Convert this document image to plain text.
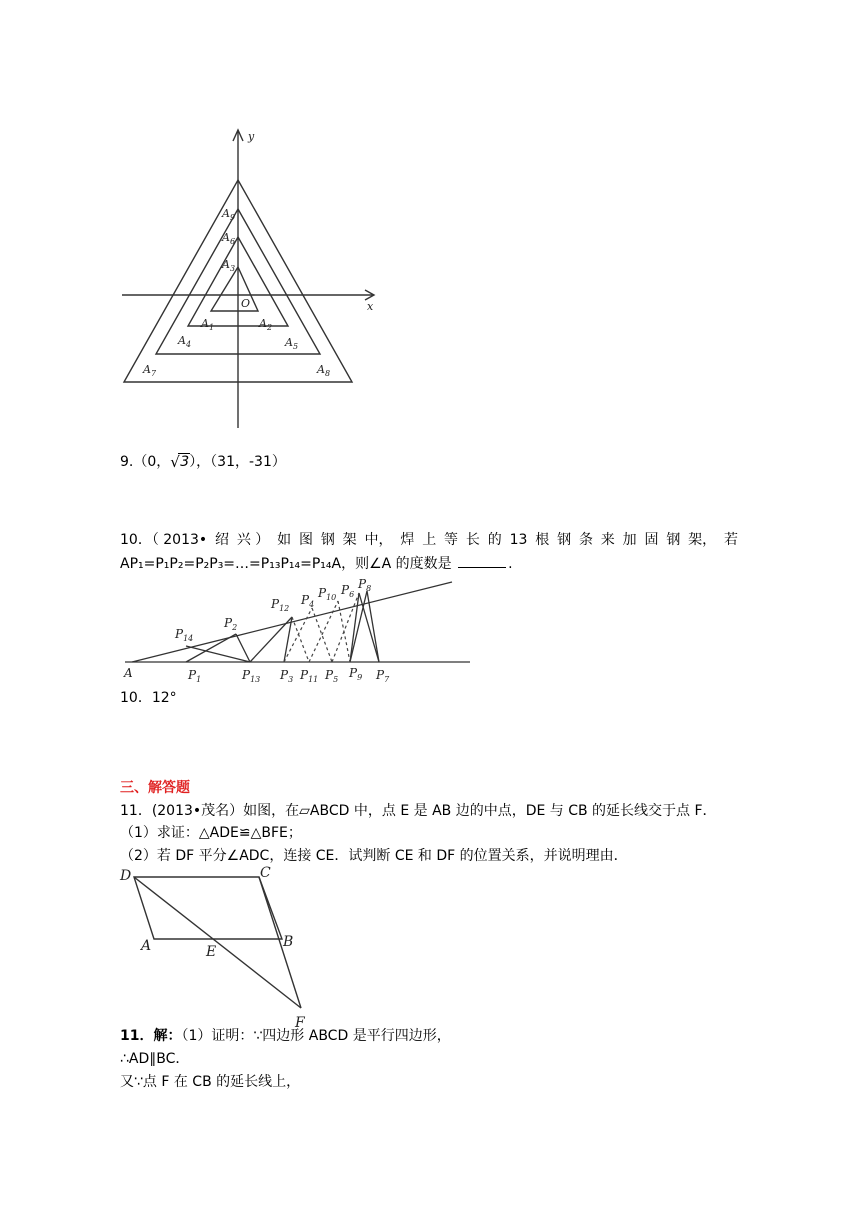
y
x
O
$A_9$
$A_6$
$A_3$
$A_1$	$A_2$
$A_4$	$A_5$
$A_7$	$A_8$
9.（0， √ 3），（31，-31）
10．（ 2013• 绍 兴 ） 如 图 钢 架 中， 焊 上 等 长 的 13 根 钢 条 来 加 固 钢 架， 若
AP₁=P₁P₂=P₂P₃=…=P₁₃P₁₄=P₁₄A，则∠A 的度数是	.
A	$P_1$
$P_2$
$P_3$
$P_4$
$P_5$
$P_6$
$P_7$
$P_8$
$P_9$
$P_{10}$
$P_{11}$
$P_{12}$
$P_{13}$
$P_{14}$
10．12°
三、解答题
11．(2013•茂名）如图，在▱ABCD 中，点 E 是 AB 边的中点，DE 与 CB 的延长线交于点 F．
（1）求证：△ADE≌△BFE；
（2）若 DF 平分∠ADC，连接 CE．试判断 CE 和 DF 的位置关系，并说明理由．
D	C
A	E
B
F
11．解：（1）证明：∵四边形 ABCD 是平行四边形，
∴AD∥BC．
又∵点 F 在 CB 的延长线上，
